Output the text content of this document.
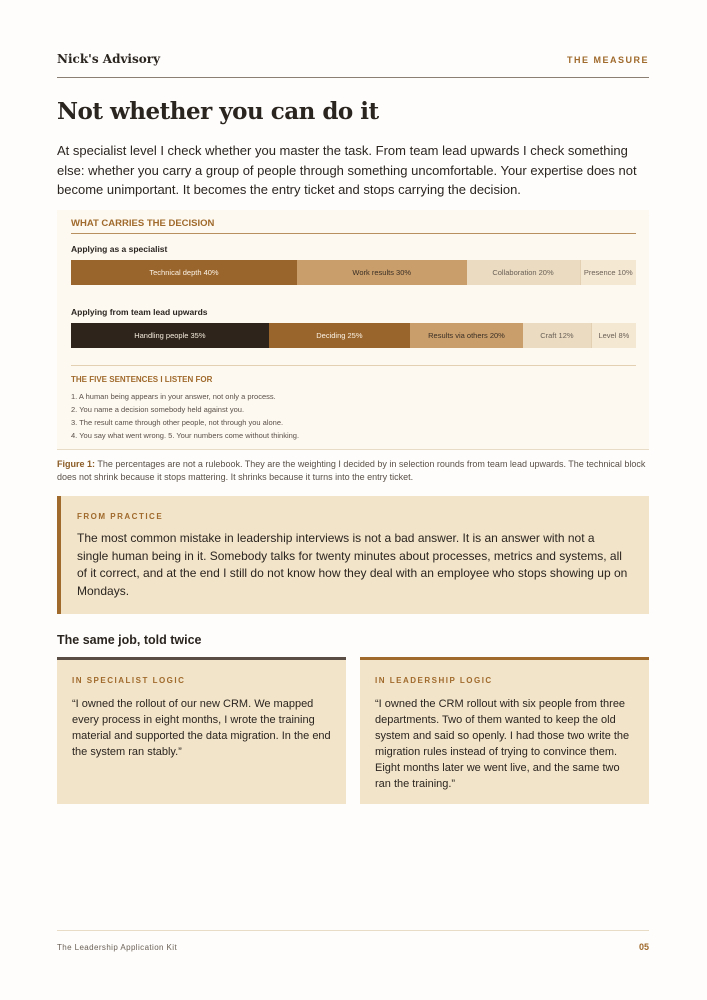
Nick's Advisory	THE MEASURE
Not whether you can do it

At specialist level I check whether you master the task. From team lead upwards I check something else: whether you carry a group of people through something uncomfortable. Your expertise does not become unimportant. It becomes the entry ticket and stops carrying the decision.

WHAT CARRIES THE DECISION
Applying as a specialist
Technical depth 40%	Work results 30%	Collaboration 20%	Presence 10%
Applying from team lead upwards
Handling people 35%	Deciding 25%	Results via others 20%	Craft 12%	Level 8%
THE FIVE SENTENCES I LISTEN FOR
1. A human being appears in your answer, not only a process.
2. You name a decision somebody held against you.
3. The result came through other people, not through you alone.
4. You say what went wrong. 5. Your numbers come without thinking.

Figure 1: The percentages are not a rulebook. They are the weighting I decided by in selection rounds from team lead upwards. The technical block does not shrink because it stops mattering. It shrinks because it turns into the entry ticket.

FROM PRACTICE

The most common mistake in leadership interviews is not a bad answer. It is an answer with not a single human being in it. Somebody talks for twenty minutes about processes, metrics and systems, all of it correct, and at the end I still do not know how they deal with an employee who stops showing up on Mondays.

The same job, told twice
IN SPECIALIST LOGIC

“I owned the rollout of our new CRM. We mapped every process in eight months, I wrote the training material and supported the data migration. In the end the system ran stably.”

IN LEADERSHIP LOGIC

“I owned the CRM rollout with six people from three departments. Two of them wanted to keep the old system and said so openly. I had those two write the migration rules instead of trying to convince them. Eight months later we went live, and the same two ran the training.”

The Leadership Application Kit	05
